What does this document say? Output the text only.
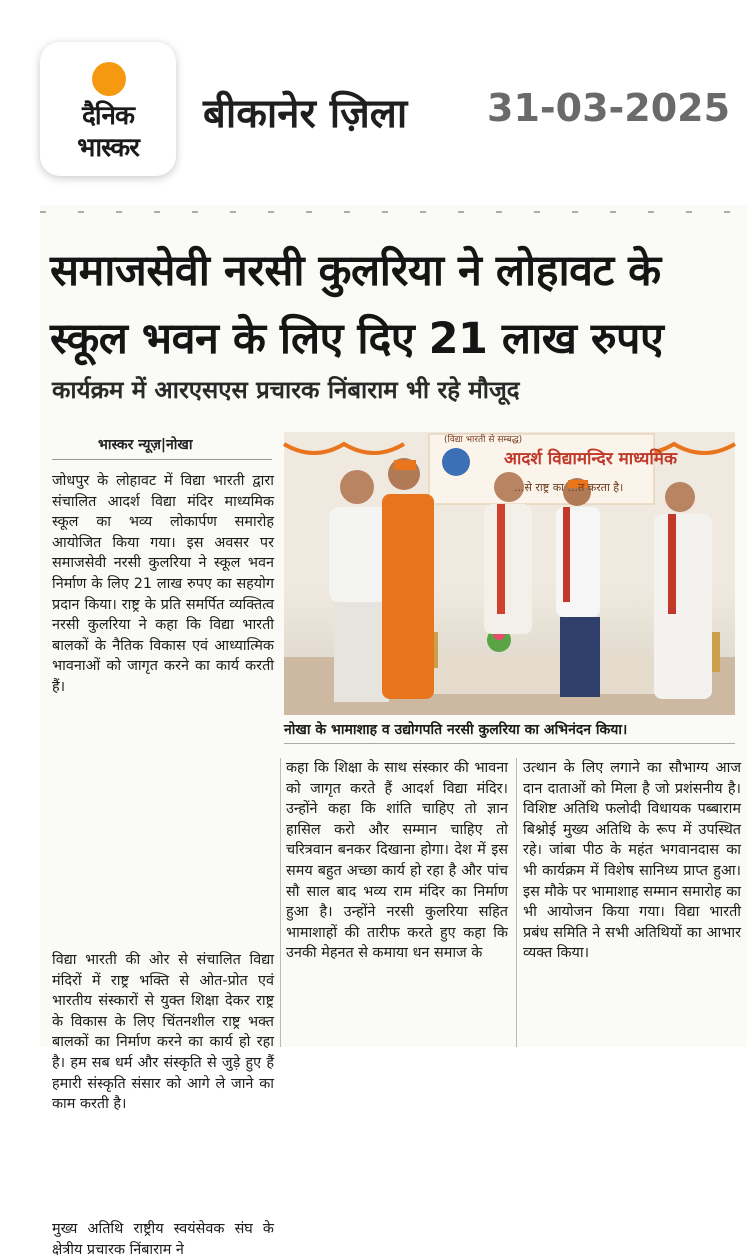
दैनिक
भास्कर
बीकानेर ज़िला 31-03-2025
समाजसेवी नरसी कुलरिया ने लोहावट के
स्कूल भवन के लिए दिए 21 लाख रुपए
कार्यक्रम में आरएसएस प्रचारक निंबाराम भी रहे मौजूद
भास्कर न्यूज़|नोखा	(विद्या भारती से सम्बद्ध)
आदर्श विद्यामन्दिर माध्यमिक
...से राष्ट्र का ...त करता है।
नोखा के भामाशाह व उद्योगपति नरसी कुलरिया का अभिनंदन किया।
जोधपुर के लोहावट में विद्या भारती द्वारा संचालित आदर्श विद्या मंदिर माध्यमिक स्कूल का भव्य लोकार्पण समारोह आयोजित किया गया। इस अवसर पर समाजसेवी नरसी कुलरिया ने स्कूल भवन निर्माण के लिए 21 लाख रुपए का सहयोग प्रदान किया। राष्ट्र के प्रति समर्पित व्यक्तित्व नरसी कुलरिया ने कहा कि विद्या भारती बालकों के नैतिक विकास एवं आध्यात्मिक भावनाओं को जागृत करने का कार्य करती हैं।
विद्या भारती की ओर से संचालित विद्या मंदिरों में राष्ट्र भक्ति से ओत-प्रोत एवं भारतीय संस्कारों से युक्त शिक्षा देकर राष्ट्र के विकास के लिए चिंतनशील राष्ट्र भक्त बालकों का निर्माण करने का कार्य हो रहा है। हम सब धर्म और संस्कृति से जुड़े हुए हैं हमारी संस्कृति संसार को आगे ले जाने का काम करती है।
मुख्य अतिथि राष्ट्रीय स्वयंसेवक संघ के क्षेत्रीय प्रचारक निंबाराम ने
कहा कि शिक्षा के साथ संस्कार की भावना को जागृत करते हैं आदर्श विद्या मंदिर। उन्होंने कहा कि शांति चाहिए तो ज्ञान हासिल करो और सम्मान चाहिए तो चरित्रवान बनकर दिखाना होगा। देश में इस समय बहुत अच्छा कार्य हो रहा है और पांच सौ साल बाद भव्य राम मंदिर का निर्माण हुआ है। उन्होंने नरसी कुलरिया सहित भामाशाहों की तारीफ करते हुए कहा कि उनकी मेहनत से कमाया धन समाज के
उत्थान के लिए लगाने का सौभाग्य आज दान दाताओं को मिला है जो प्रशंसनीय है। विशिष्ट अतिथि फलोदी विधायक पब्बाराम बिश्नोई मुख्य अतिथि के रूप में उपस्थित रहे। जांबा पीठ के महंत भगवानदास का भी कार्यक्रम में विशेष सानिध्य प्राप्त हुआ। इस मौके पर भामाशाह सम्मान समारोह का भी आयोजन किया गया। विद्या भारती प्रबंध समिति ने सभी अतिथियों का आभार व्यक्त किया।
